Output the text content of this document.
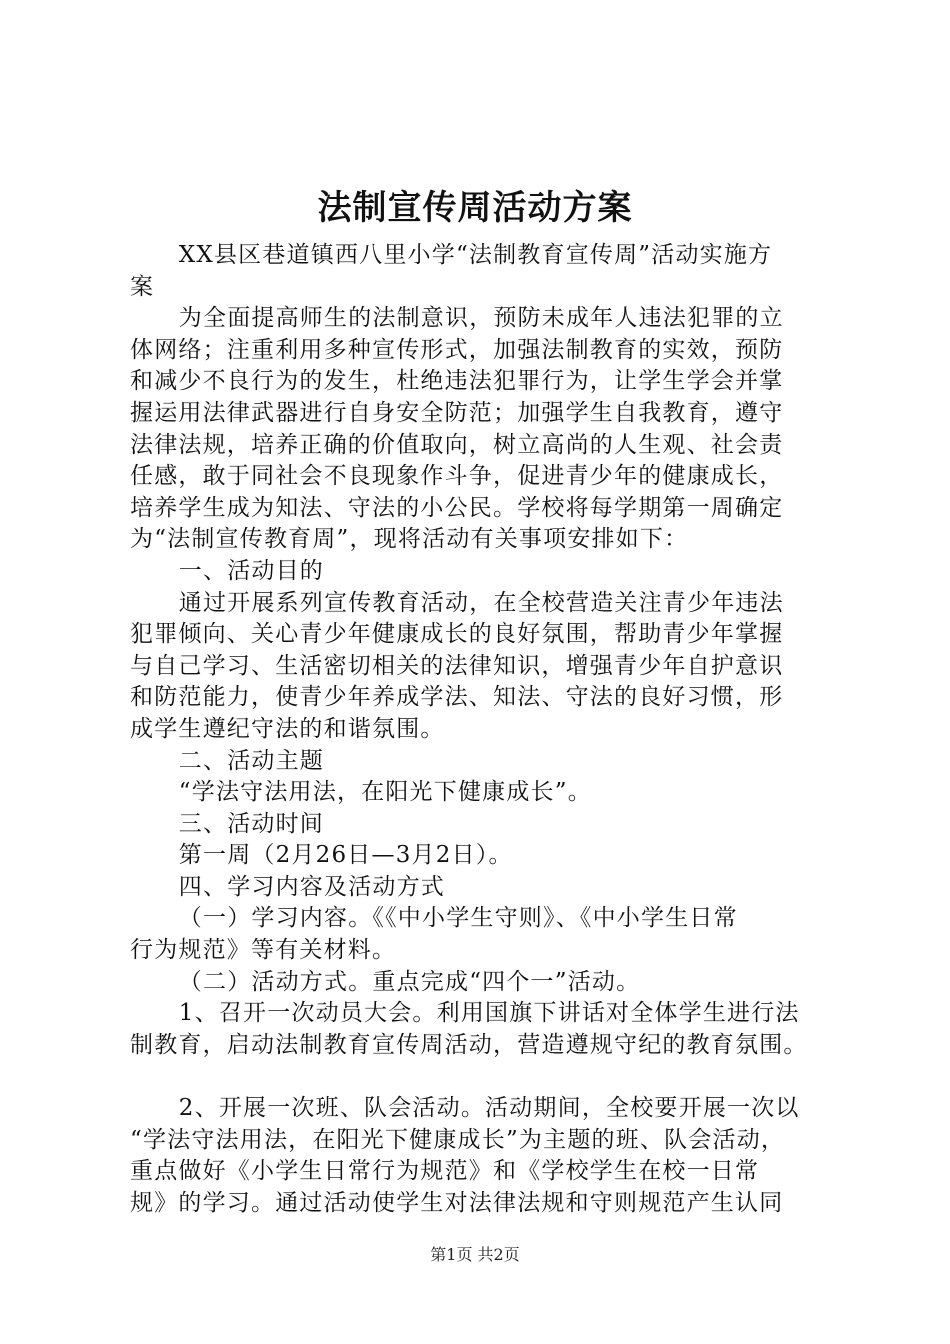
法制宣传周活动方案
XX县区巷道镇西八里小学“法制教育宣传周”活动实施方
案
为全面提高师生的法制意识，预防未成年人违法犯罪的立
体网络；注重利用多种宣传形式，加强法制教育的实效，预防
和减少不良行为的发生，杜绝违法犯罪行为，让学生学会并掌
握运用法律武器进行自身安全防范；加强学生自我教育，遵守
法律法规，培养正确的价值取向，树立高尚的人生观、社会责
任感，敢于同社会不良现象作斗争，促进青少年的健康成长，
培养学生成为知法、守法的小公民。学校将每学期第一周确定
为“法制宣传教育周”，现将活动有关事项安排如下：
一、活动目的
通过开展系列宣传教育活动，在全校营造关注青少年违法
犯罪倾向、关心青少年健康成长的良好氛围，帮助青少年掌握
与自己学习、生活密切相关的法律知识，增强青少年自护意识
和防范能力，使青少年养成学法、知法、守法的良好习惯，形
成学生遵纪守法的和谐氛围。
二、活动主题
“学法守法用法，在阳光下健康成长”。
三、活动时间
第一周（2月26日—3月2日）。
四、学习内容及活动方式
（一）学习内容。《《中小学生守则》、《中小学生日常
行为规范》等有关材料。
（二）活动方式。重点完成“四个一”活动。
1、召开一次动员大会。利用国旗下讲话对全体学生进行法
制教育，启动法制教育宣传周活动，营造遵规守纪的教育氛围。
2、开展一次班、队会活动。活动期间，全校要开展一次以
“学法守法用法，在阳光下健康成长”为主题的班、队会活动，
重点做好《小学生日常行为规范》和《学校学生在校一日常
规》的学习。通过活动使学生对法律法规和守则规范产生认同
第1页 共2页
